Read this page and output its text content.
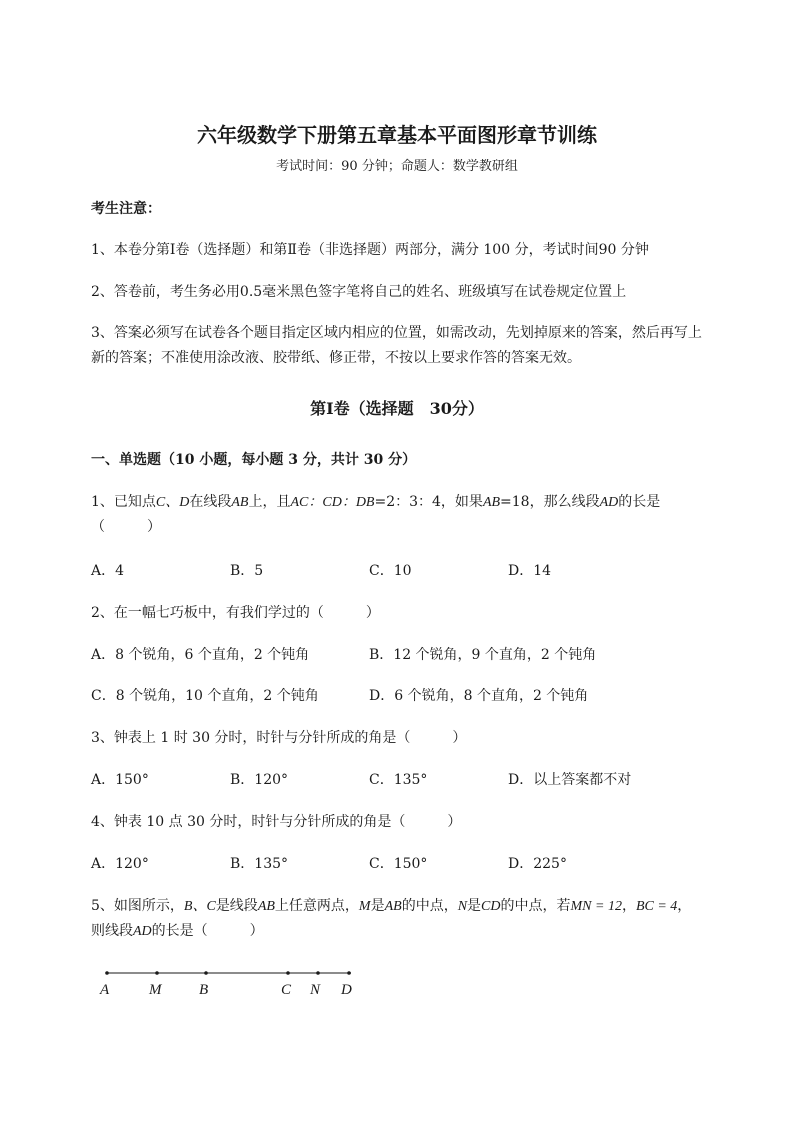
六年级数学下册第五章基本平面图形章节训练
考试时间：90 分钟；命题人：数学教研组
考生注意：
1、本卷分第Ⅰ卷（选择题）和第Ⅱ卷（非选择题）两部分，满分 100 分，考试时间90 分钟
2、答卷前，考生务必用0.5毫米黑色签字笔将自己的姓名、班级填写在试卷规定位置上
3、答案必须写在试卷各个题目指定区域内相应的位置，如需改动，先划掉原来的答案，然后再写上新的答案；不准使用涂改液、胶带纸、修正带，不按以上要求作答的答案无效。
第Ⅰ卷（选择题　30分）
一、单选题（10 小题，每小题 3 分，共计 30 分）
1、已知点C、D在线段AB上，且AC：CD：DB=2：3：4，如果AB=18，那么线段AD的长是
（　　　）
A．4	B．5	C．10	D．14
2、在一幅七巧板中，有我们学过的（　　　）
A．8 个锐角，6 个直角，2 个钝角	B．12 个锐角，9 个直角，2 个钝角
C．8 个锐角，10 个直角，2 个钝角	D．6 个锐角，8 个直角，2 个钝角
3、钟表上 1 时 30 分时，时针与分针所成的角是（　　　）
A．150°	B．120°	C．135°	D．以上答案都不对
4、钟表 10 点 30 分时，时针与分针所成的角是（　　　）
A．120°	B．135°	C．150°	D．225°
5、如图所示，B、C是线段AB上任意两点，M是AB的中点，N是CD的中点，若MN = 12，BC = 4，
则线段AD的长是（　　　）
A	M	B	C N D
